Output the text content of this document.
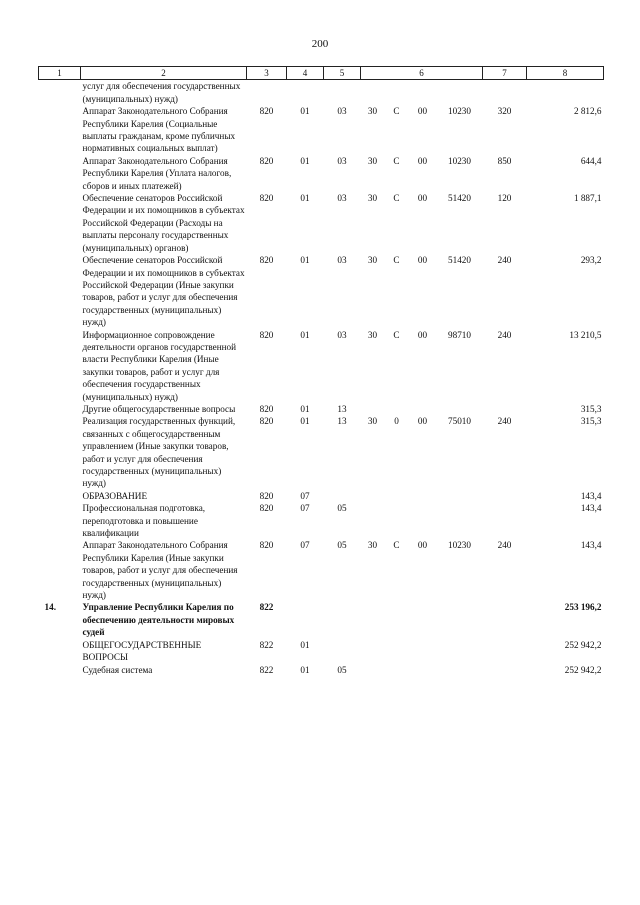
200
1	2	3	4	5	6				7	8
	услуг для обеспечения государственных (муниципальных) нужд)									
	Аппарат Законодательного Собрания Республики Карелия (Социальные выплаты гражданам, кроме публичных нормативных социальных выплат)	820	01	03	30	С	00	10230	320	2 812,6
	Аппарат Законодательного Собрания Республики Карелия (Уплата налогов, сборов и иных платежей)	820	01	03	30	С	00	10230	850	644,4
	Обеспечение сенаторов Российской Федерации и их помощников в субъектах Российской Федерации (Расходы на выплаты персоналу государственных (муниципальных) органов)	820	01	03	30	С	00	51420	120	1 887,1
	Обеспечение сенаторов Российской Федерации и их помощников в субъектах Российской Федерации (Иные закупки товаров, работ и услуг для обеспечения государственных (муниципальных) нужд)	820	01	03	30	С	00	51420	240	293,2
	Информационное сопровождение деятельности органов государственной власти Республики Карелия (Иные закупки товаров, работ и услуг для обеспечения государственных (муниципальных) нужд)	820	01	03	30	С	00	98710	240	13 210,5
	Другие общегосударственные вопросы	820	01	13						315,3
	Реализация государственных функций, связанных с общегосударственным управлением (Иные закупки товаров, работ и услуг для обеспечения государственных (муниципальных) нужд)	820	01	13	30	0	00	75010	240	315,3
	ОБРАЗОВАНИЕ	820	07							143,4
	Профессиональная подготовка, переподготовка и повышение квалификации	820	07	05						143,4
	Аппарат Законодательного Собрания Республики Карелия (Иные закупки товаров, работ и услуг для обеспечения государственных (муниципальных) нужд)	820	07	05	30	С	00	10230	240	143,4
14.	Управление Республики Карелия по обеспечению деятельности мировых судей	822								253 196,2
	ОБЩЕГОСУДАРСТВЕННЫЕ ВОПРОСЫ	822	01							252 942,2
	Судебная система	822	01	05						252 942,2
